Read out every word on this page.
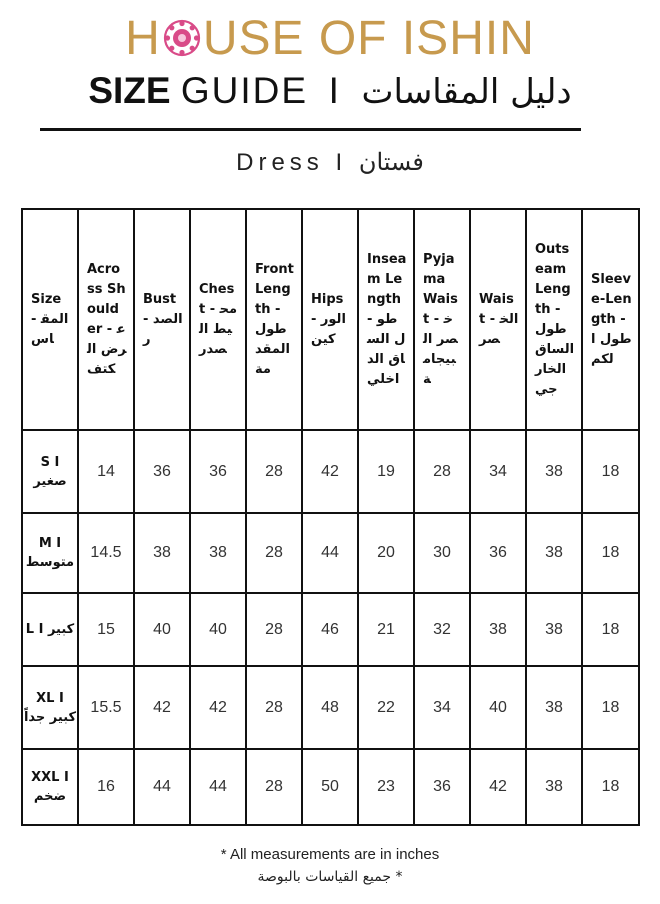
H USE OF ISHIN
SIZE GUIDE I دليل المقاسات
Dress I فستان
Size - المقاس	Across Shoulder - عرض الكتف	Bust - الصدر	Chest - محيط الصدر	Front Length - طول المقدمة	Hips - الوركين	Inseam Length - طول الساق الداخلي	Pyjama Waist - خصر البيجامة	Waist - الخصر	Outseam Length - طول الساق الخارجي	Sleeve-Length - طول الكم
S I صغير	14	36	36	28	42	19	28	34	38	18
M I متوسط	14.5	38	38	28	44	20	30	36	38	18
L I كبير	15	40	40	28	46	21	32	38	38	18
XL I كبير جداً	15.5	42	42	28	48	22	34	40	38	18
XXL I ضخم	16	44	44	28	50	23	36	42	38	18
* All measurements are in inches
جميع القياسات بالبوصة *
